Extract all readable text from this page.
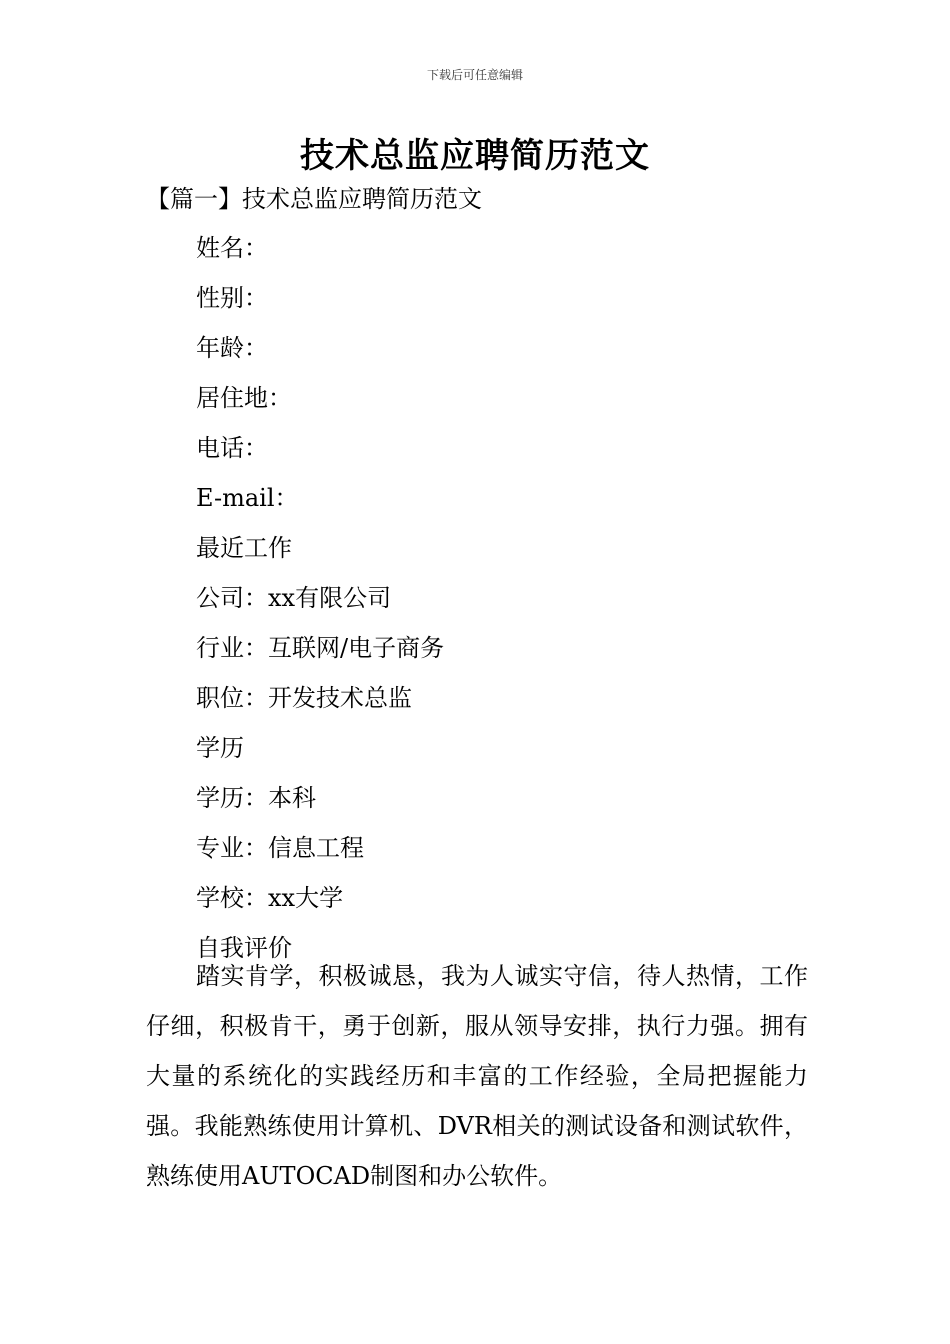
下载后可任意编辑
技术总监应聘简历范文
【篇一】技术总监应聘简历范文
姓名：
性别：
年龄：
居住地：
电话：
E-mail：
最近工作
公司：xx有限公司
行业：互联网/电子商务
职位：开发技术总监
学历
学历：本科
专业：信息工程
学校：xx大学
自我评价

踏实肯学，积极诚恳，我为人诚实守信，待人热情，工作仔细，积极肯干，勇于创新，服从领导安排，执行力强。拥有大量的系统化的实践经历和丰富的工作经验，全局把握能力强。我能熟练使用计算机、DVR相关的测试设备和测试软件，熟练使用AUTOCAD制图和办公软件。
